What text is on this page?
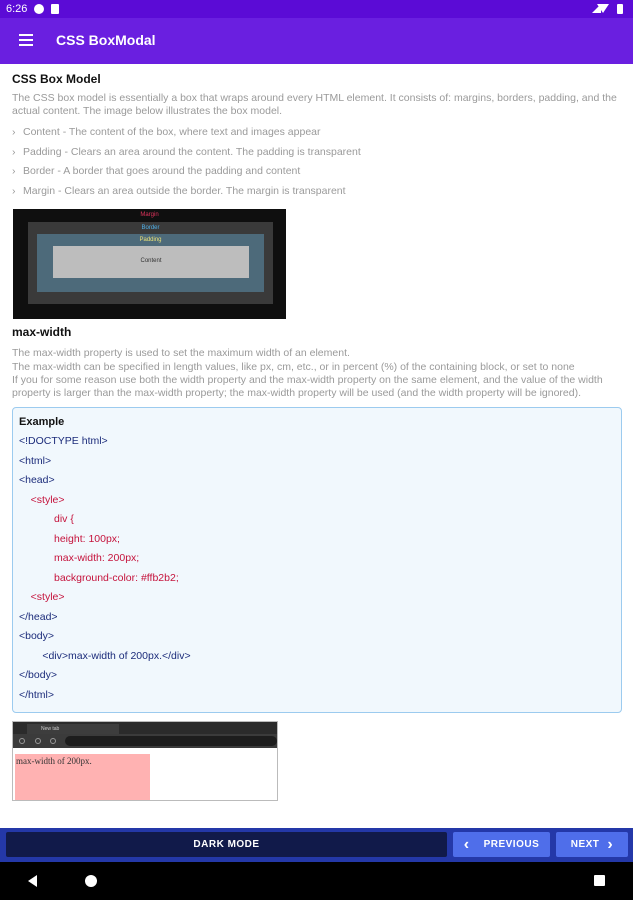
6:26
CSS BoxModal
CSS Box Model
The CSS box model is essentially a box that wraps around every HTML element. It consists of: margins, borders, padding, and the actual content. The image below illustrates the box model.
› Content - The content of the box, where text and images appear
› Padding - Clears an area around the content. The padding is transparent
› Border - A border that goes around the padding and content
› Margin - Clears an area outside the border. The margin is transparent
Margin
Border
Padding
Content
max-width
The max-width property is used to set the maximum width of an element.
The max-width can be specified in length values, like px, cm, etc., or in percent (%) of the containing block, or set to none
If you for some reason use both the width property and the max-width property on the same element, and the value of the width property is larger than the max-width property; the max-width property will be used (and the width property will be ignored).
Example
<!DOCTYPE html>
<html>
<head>
<style>
div {
height: 100px;
max-width: 200px;
background-color: #ffb2b2;
<style>
</head>
<body>
<div>max-width of 200px.</div>
</body>
</html>
New tab
max-width of 200px.
DARK MODE	‹ PREVIOUS	NEXT ›
